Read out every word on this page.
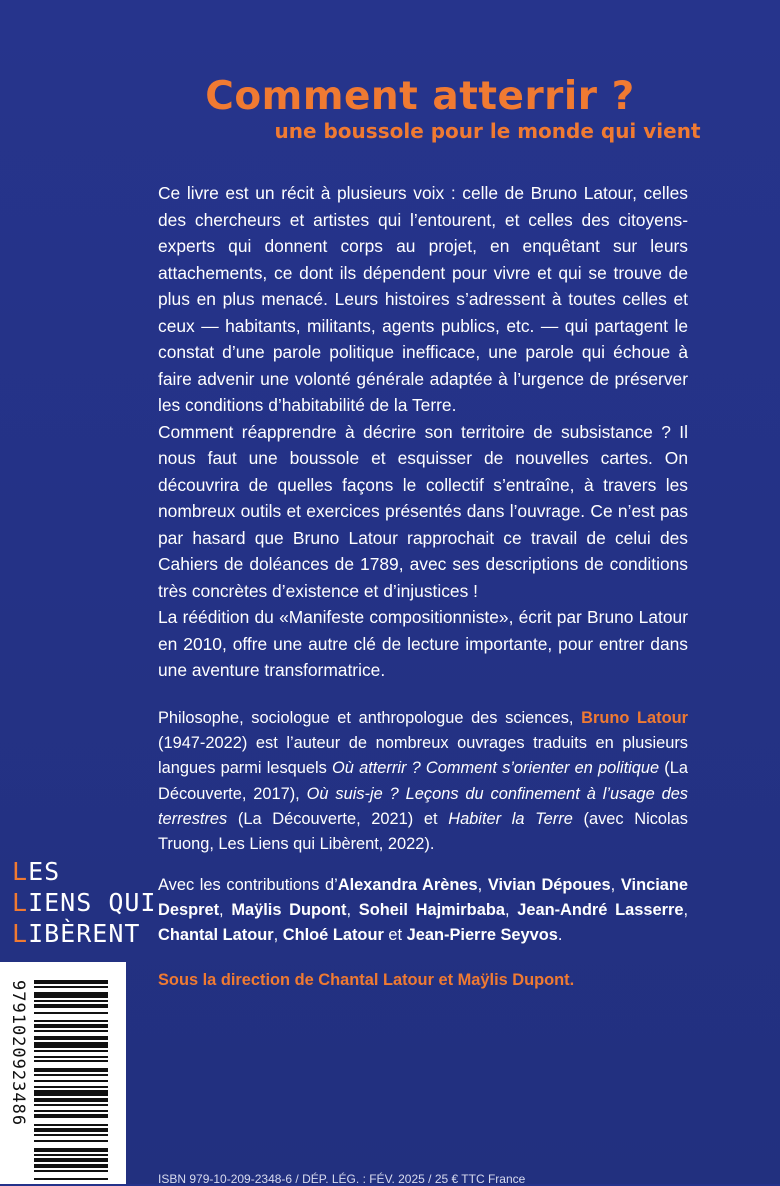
Comment atterrir ?
une boussole pour le monde qui vient

Ce livre est un récit à plusieurs voix : celle de Bruno Latour, celles des chercheurs et artistes qui l’entourent, et celles des citoyens-experts qui donnent corps au projet, en enquêtant sur leurs attachements, ce dont ils dépendent pour vivre et qui se trouve de plus en plus menacé. Leurs histoires s’adressent à toutes celles et ceux — habitants, militants, agents publics, etc. — qui partagent le constat d’une parole politique inefficace, une parole qui échoue à faire advenir une volonté générale adaptée à l’urgence de préserver les conditions d’habitabilité de la Terre.

Comment réapprendre à décrire son territoire de subsistance ? Il nous faut une boussole et esquisser de nouvelles cartes. On découvrira de quelles façons le collectif s’entraîne, à travers les nombreux outils et exercices présentés dans l’ouvrage. Ce n’est pas par hasard que Bruno Latour rapprochait ce travail de celui des Cahiers de doléances de 1789, avec ses descriptions de conditions très concrètes d’existence et d’injustices !

La réédition du «Manifeste compositionniste», écrit par Bruno Latour en 2010, offre une autre clé de lecture importante, pour entrer dans une aventure transformatrice.

Philosophe, sociologue et anthropologue des sciences, Bruno Latour (1947-2022) est l’auteur de nombreux ouvrages traduits en plusieurs langues parmi lesquels Où atterrir ? Comment s’orienter en politique (La Découverte, 2017), Où suis-je ? Leçons du confinement à l’usage des terrestres (La Découverte, 2021) et Habiter la Terre (avec Nicolas Truong, Les Liens qui Libèrent, 2022).

Avec les contributions d’Alexandra Arènes, Vivian Dépoues, Vinciane Despret, Maÿlis Dupont, Soheil Hajmirbaba, Jean-André Lasserre, Chantal Latour, Chloé Latour et Jean-Pierre Seyvos.

Sous la direction de Chantal Latour et Maÿlis Dupont.
LES
LIENS QUI
LIBÈRENT
9791020923486
ISBN 979-10-209-2348-6 / DÉP. LÉG. : FÉV. 2025 / 25 € TTC France
